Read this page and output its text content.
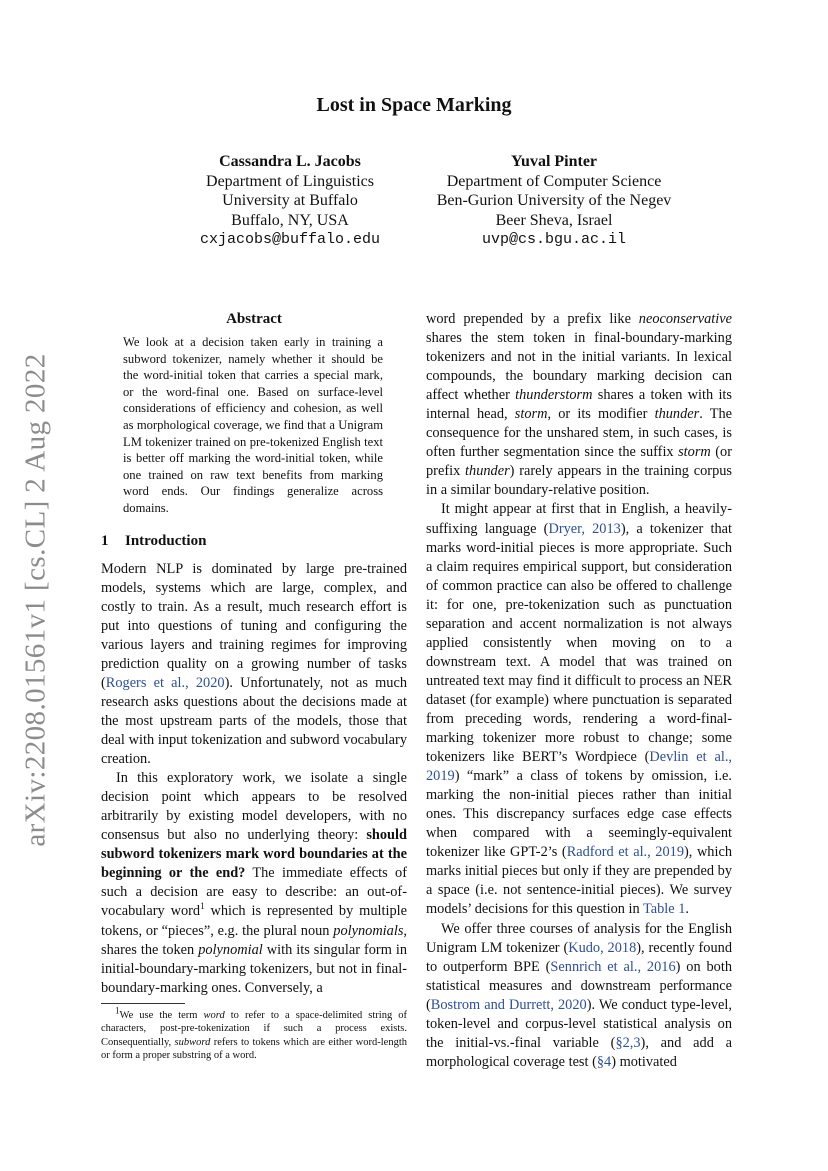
arXiv:2208.01561v1 [cs.CL] 2 Aug 2022
Lost in Space Marking
Cassandra L. Jacobs
Department of Linguistics
University at Buffalo
Buffalo, NY, USA
cxjacobs@buffalo.edu
Yuval Pinter
Department of Computer Science
Ben-Gurion University of the Negev
Beer Sheva, Israel
uvp@cs.bgu.ac.il
Abstract
We look at a decision taken early in training a subword tokenizer, namely whether it should be the word-initial token that carries a special mark, or the word-final one. Based on surface-level considerations of efficiency and cohesion, as well as morphological coverage, we find that a Unigram LM tokenizer trained on pre-tokenized English text is better off marking the word-initial token, while one trained on raw text benefits from marking word ends. Our findings generalize across domains.
1 Introduction

Modern NLP is dominated by large pre-trained models, systems which are large, complex, and costly to train. As a result, much research effort is put into questions of tuning and configuring the various layers and training regimes for improving prediction quality on a growing number of tasks (Rogers et al., 2020). Unfortunately, not as much research asks questions about the decisions made at the most upstream parts of the models, those that deal with input tokenization and subword vocabulary creation.

In this exploratory work, we isolate a single decision point which appears to be resolved arbitrarily by existing model developers, with no consensus but also no underlying theory: should subword tokenizers mark word boundaries at the beginning or the end? The immediate effects of such a decision are easy to describe: an out-of-vocabulary word$^1$ which is represented by multiple tokens, or “pieces”, e.g. the plural noun polynomials, shares the token polynomial with its singular form in initial-boundary-marking tokenizers, but not in final-boundary-marking ones. Conversely, a

$^1$We use the term word to refer to a space-delimited string of characters, post-pre-tokenization if such a process exists. Consequentially, subword refers to tokens which are either word-length or form a proper substring of a word.

word prepended by a prefix like neoconservative shares the stem token in final-boundary-marking tokenizers and not in the initial variants. In lexical compounds, the boundary marking decision can affect whether thunderstorm shares a token with its internal head, storm, or its modifier thunder. The consequence for the unshared stem, in such cases, is often further segmentation since the suffix storm (or prefix thunder) rarely appears in the training corpus in a similar boundary-relative position.

It might appear at first that in English, a heavily-suffixing language (Dryer, 2013), a tokenizer that marks word-initial pieces is more appropriate. Such a claim requires empirical support, but consideration of common practice can also be offered to challenge it: for one, pre-tokenization such as punctuation separation and accent normalization is not always applied consistently when moving on to a downstream text. A model that was trained on untreated text may find it difficult to process an NER dataset (for example) where punctuation is separated from preceding words, rendering a word-final-marking tokenizer more robust to change; some tokenizers like BERT’s Wordpiece (Devlin et al., 2019) “mark” a class of tokens by omission, i.e. marking the non-initial pieces rather than initial ones. This discrepancy surfaces edge case effects when compared with a seemingly-equivalent tokenizer like GPT-2’s (Radford et al., 2019), which marks initial pieces but only if they are prepended by a space (i.e. not sentence-initial pieces). We survey models’ decisions for this question in Table 1.

We offer three courses of analysis for the English Unigram LM tokenizer (Kudo, 2018), recently found to outperform BPE (Sennrich et al., 2016) on both statistical measures and downstream performance (Bostrom and Durrett, 2020). We conduct type-level, token-level and corpus-level statistical analysis on the initial-vs.-final variable (§2,3), and add a morphological coverage test (§4) motivated
